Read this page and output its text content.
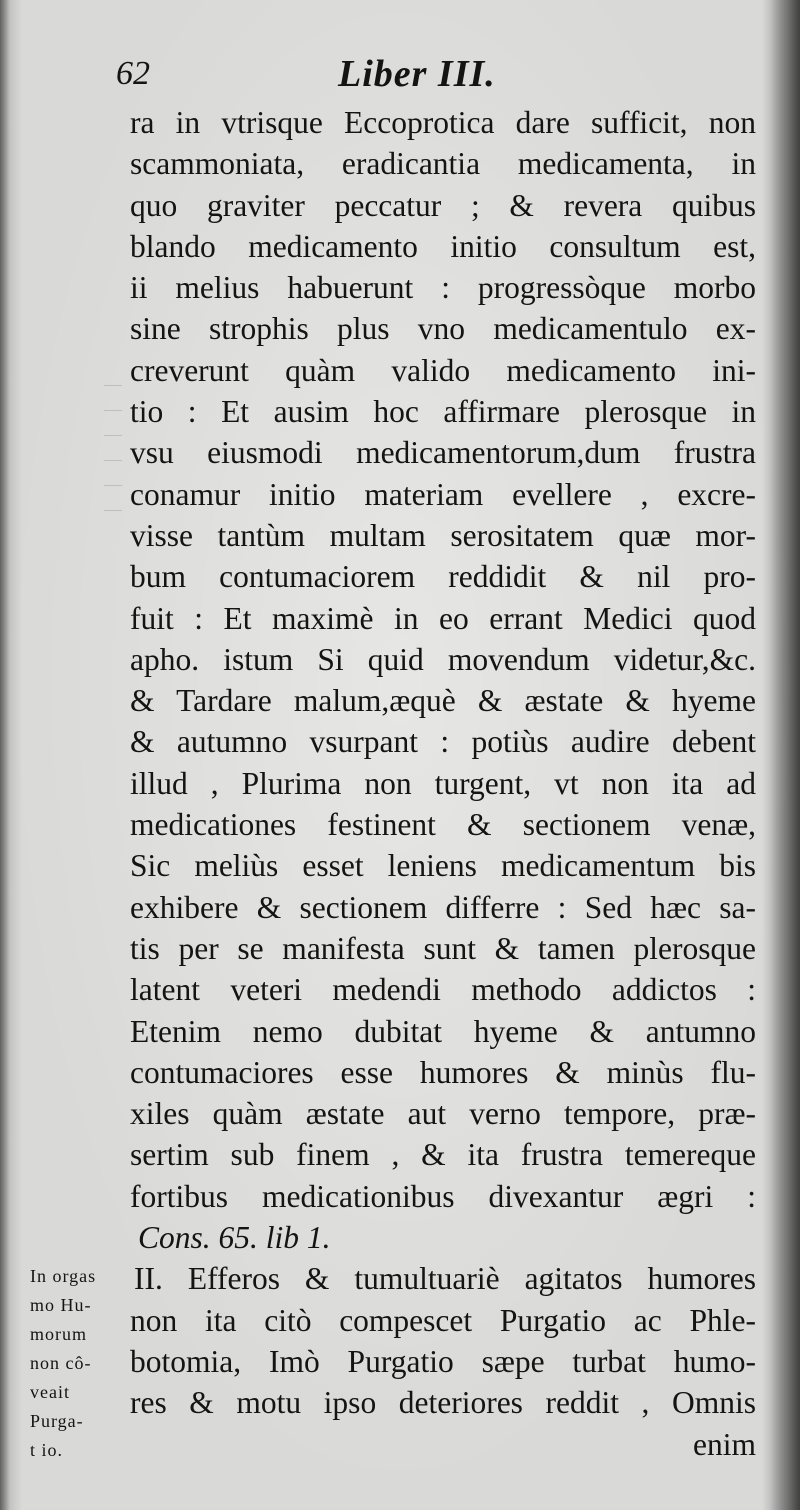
—
—
—
—
—
—
62	Liber III.
ra in vtrisque Eccoprotica dare sufficit, non
scammoniata, eradicantia medicamenta, in
quo graviter peccatur ; & revera quibus
blando medicamento initio consultum est,
ii melius habuerunt : progressòque morbo
sine strophis plus vno medicamentulo ex-
creverunt quàm valido medicamento ini-
tio : Et ausim hoc affirmare plerosque in
vsu eiusmodi medicamentorum,dum frustra
conamur initio materiam evellere , excre-
visse tantùm multam serositatem quæ mor-
bum contumaciorem reddidit & nil pro-
fuit : Et maximè in eo errant Medici quod
apho. istum Si quid movendum videtur,&c.
& Tardare malum,æquè & æstate & hyeme
& autumno vsurpant : potiùs audire debent
illud , Plurima non turgent, vt non ita ad
medicationes festinent & sectionem venæ,
Sic meliùs esset leniens medicamentum bis
exhibere & sectionem differre : Sed hæc sa-
tis per se manifesta sunt & tamen plerosque
latent veteri medendi methodo addictos :
Etenim nemo dubitat hyeme & antumno
contumaciores esse humores & minùs flu-
xiles quàm æstate aut verno tempore, præ-
sertim sub finem , & ita frustra temereque
fortibus medicationibus divexantur ægri :
Cons. 65. lib 1.
II. Efferos & tumultuariè agitatos humores
non ita citò compescet Purgatio ac Phle-
botomia, Imò Purgatio sæpe turbat humo-
res & motu ipso deteriores reddit , Omnis
enim
In orgas
mo Hu-
morum
non cô-
veait
Purga-
t io.
